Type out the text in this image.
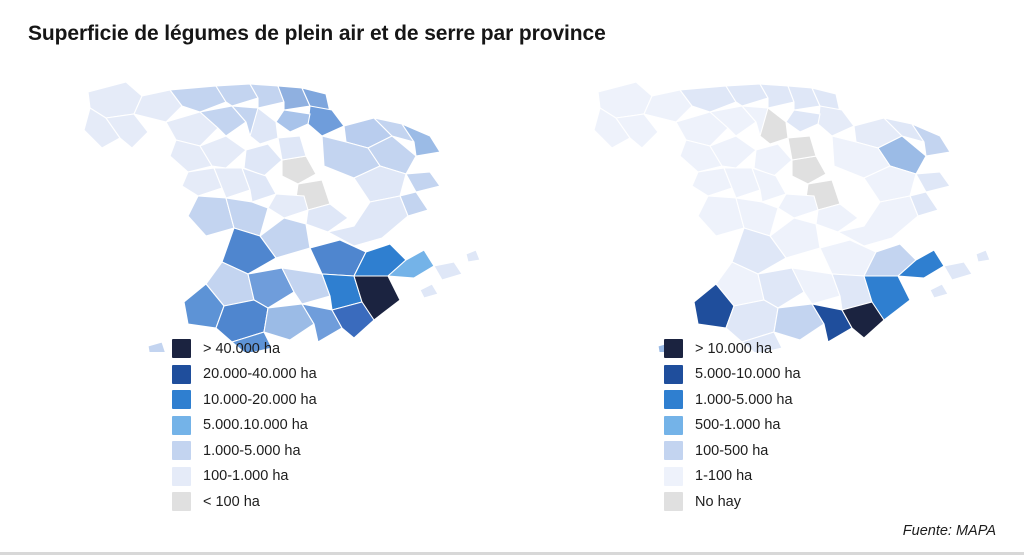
Superficie de légumes de plein air et de serre par province
> 40.000 ha
20.000-40.000 ha
10.000-20.000 ha
5.000.10.000 ha
1.000-5.000 ha
100-1.000 ha
< 100 ha
> 10.000 ha
5.000-10.000 ha
1.000-5.000 ha
500-1.000 ha
100-500 ha
1-100 ha
No hay
Fuente: MAPA
